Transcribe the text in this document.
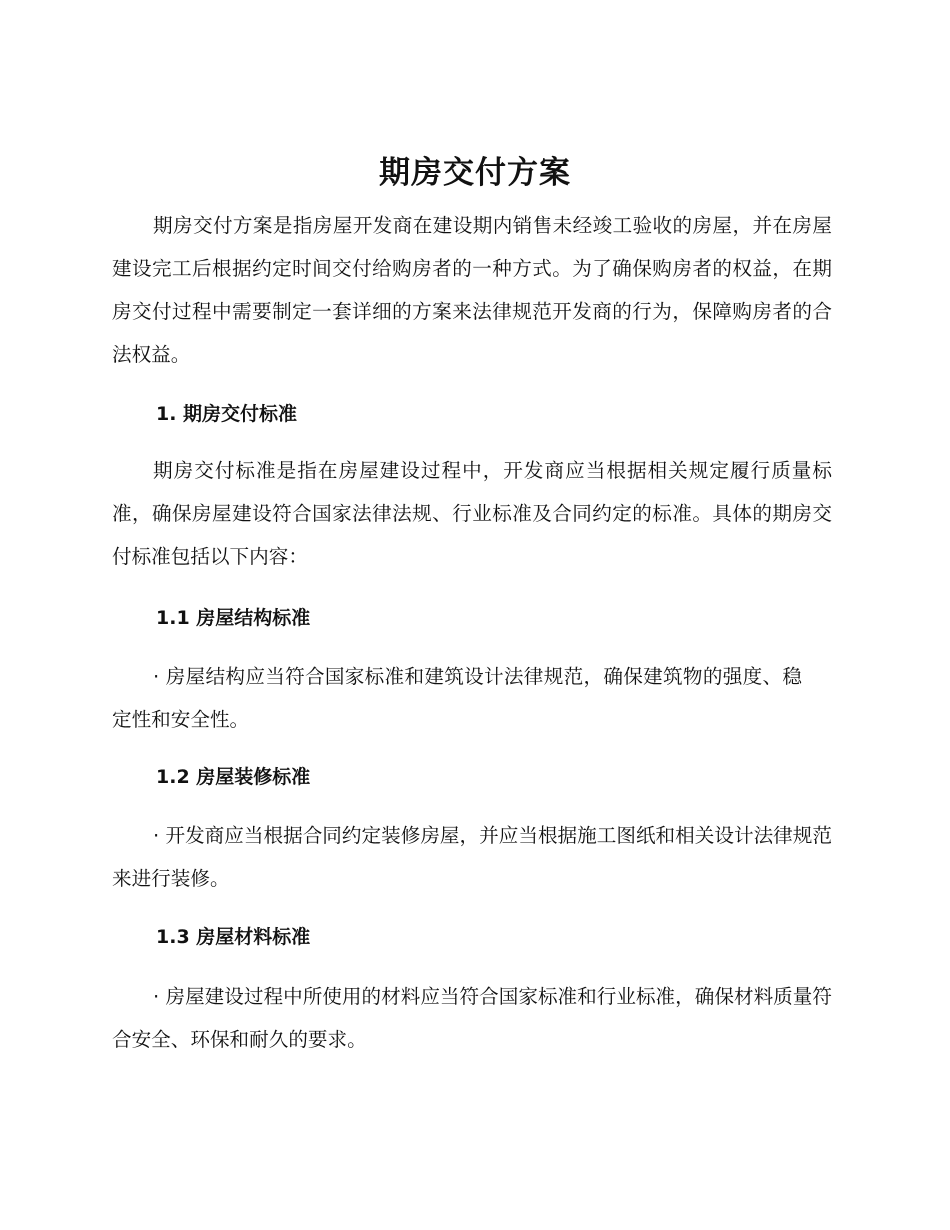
期房交付方案

期房交付方案是指房屋开发商在建设期内销售未经竣工验收的房屋，并在房屋建设完工后根据约定时间交付给购房者的一种方式。为了确保购房者的权益，在期房交付过程中需要制定一套详细的方案来法律规范开发商的行为，保障购房者的合法权益。

1. 期房交付标准

期房交付标准是指在房屋建设过程中，开发商应当根据相关规定履行质量标准，确保房屋建设符合国家法律法规、行业标准及合同约定的标准。具体的期房交付标准包括以下内容：

1.1 房屋结构标准

· 房屋结构应当符合国家标准和建筑设计法律规范，确保建筑物的强度、稳定性和安全性。

1.2 房屋装修标准

· 开发商应当根据合同约定装修房屋，并应当根据施工图纸和相关设计法律规范来进行装修。

1.3 房屋材料标准

· 房屋建设过程中所使用的材料应当符合国家标准和行业标准，确保材料质量符合安全、环保和耐久的要求。
